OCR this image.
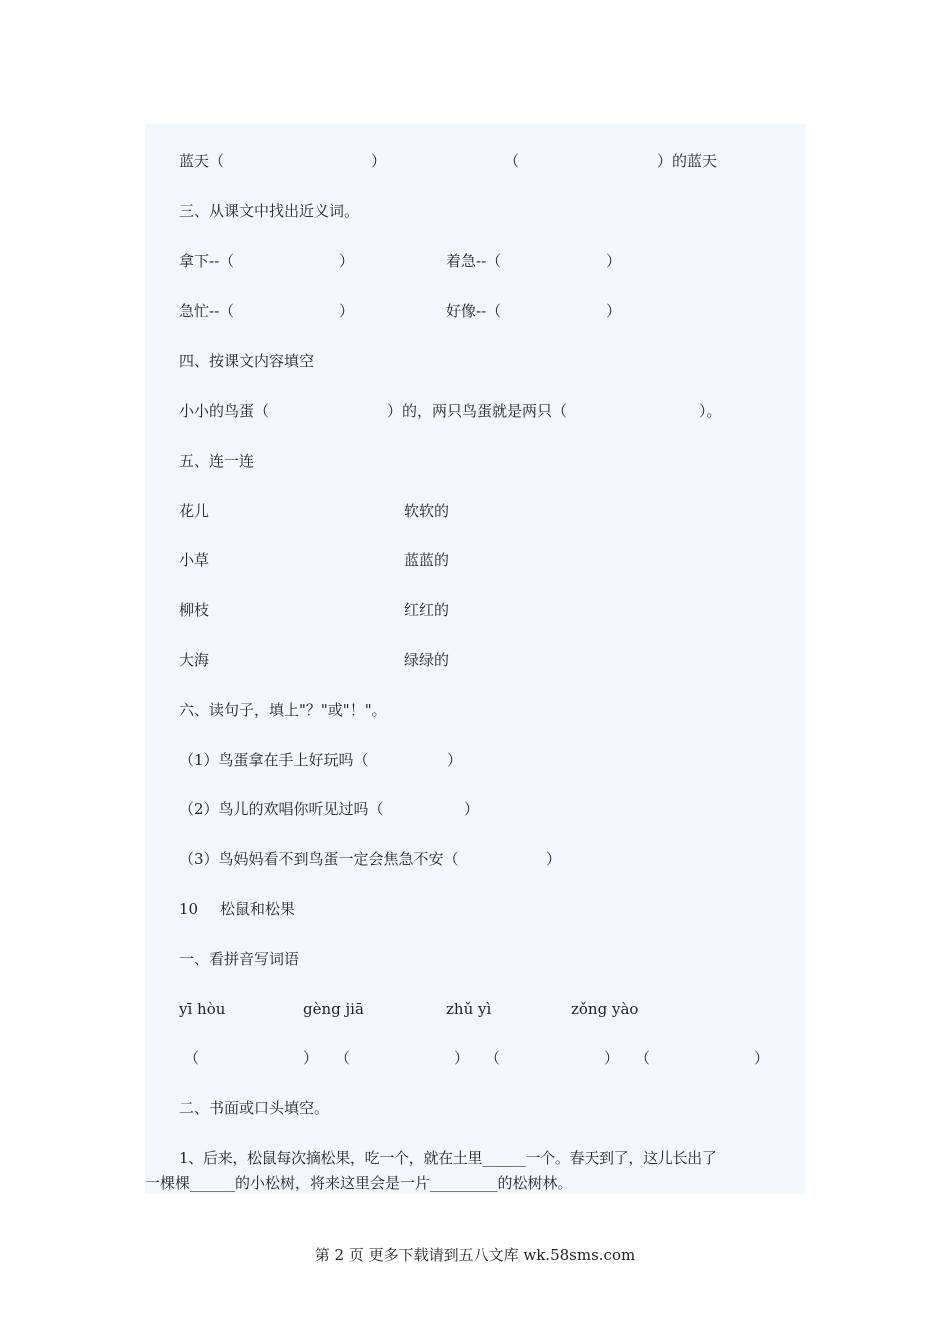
蓝天（	）	（	）的蓝天
三、从课文中找出近义词。
拿下--（	）	着急--（	）
急忙--（	）	好像--（	）
四、按课文内容填空
小小的鸟蛋（	）的，两只鸟蛋就是两只（	）。
五、连一连
花儿	软软的
小草	蓝蓝的
柳枝	红红的
大海	绿绿的
六、读句子，填上"？"或"！"。
（1）鸟蛋拿在手上好玩吗（	）
（2）鸟儿的欢唱你听见过吗（	）
（3）鸟妈妈看不到鸟蛋一定会焦急不安（	）
10 松鼠和松果
一、看拼音写词语
yī hòu	gèng jiā	zhǔ yì	zǒng yào
（	） （	） （	） （	）
二、书面或口头填空。
1、后来，松鼠每次摘松果，吃一个，就在土里______一个。春天到了，这儿长出了
一棵棵______的小松树，将来这里会是一片_________的松树林。
第 2 页 更多下载请到五八文库 wk.58sms.com
